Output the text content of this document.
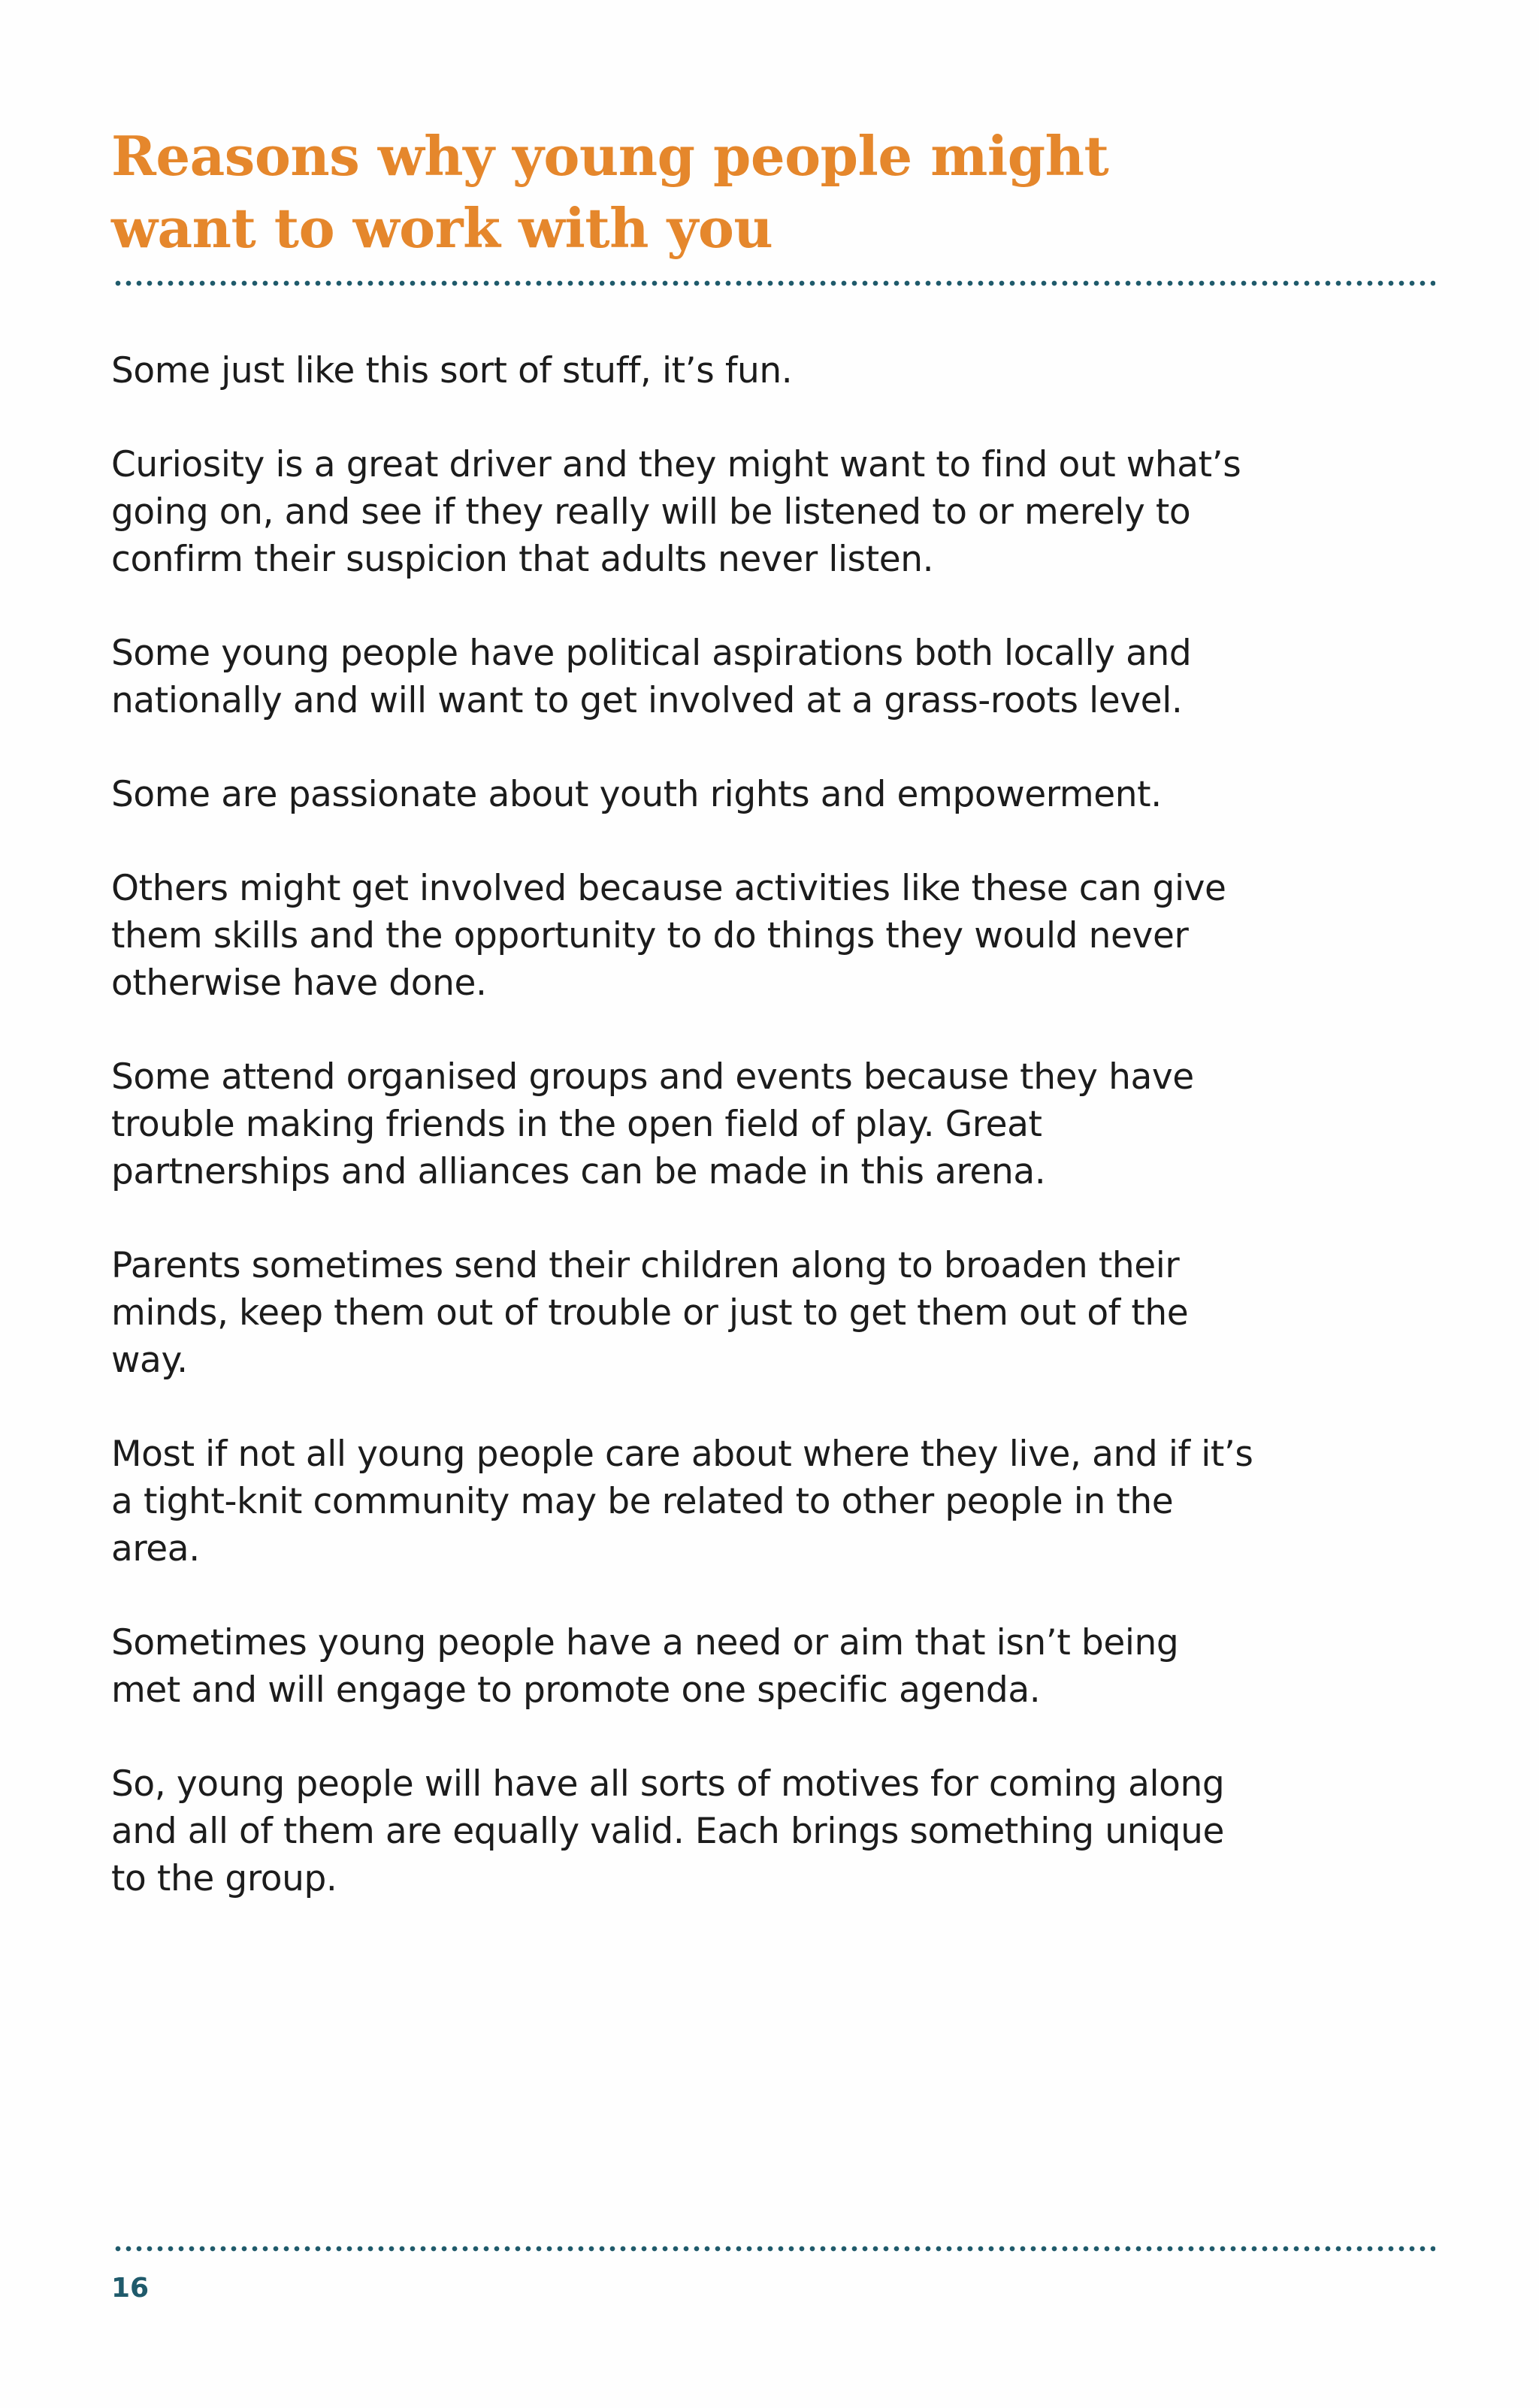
Reasons why young people might
want to work with you

Some just like this sort of stuff, it’s fun.

Curiosity is a great driver and they might want to find out what’s going on, and see if they really will be listened to or merely to confirm their suspicion that adults never listen.

Some young people have political aspirations both locally and nationally and will want to get involved at a grass-roots level.

Some are passionate about youth rights and empowerment.

Others might get involved because activities like these can give them skills and the opportunity to do things they would never otherwise have done.

Some attend organised groups and events because they have trouble making friends in the open field of play. Great partnerships and alliances can be made in this arena.

Parents sometimes send their children along to broaden their minds, keep them out of trouble or just to get them out of the way.

Most if not all young people care about where they live, and if it’s a tight-knit community may be related to other people in the area.

Sometimes young people have a need or aim that isn’t being met and will engage to promote one specific agenda.

So, young people will have all sorts of motives for coming along and all of them are equally valid. Each brings something unique to the group.

16
